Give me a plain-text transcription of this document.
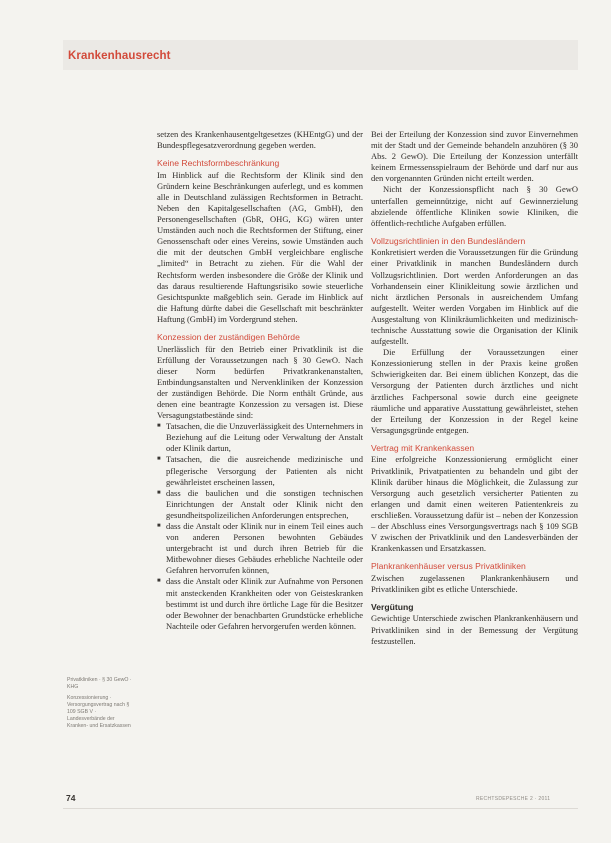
Krankenhausrecht

setzen des Krankenhausentgeltgesetzes (KHEntgG) und der Bundespflegesatzverordnung gegeben werden.

Keine Rechtsformbeschränkung

Im Hinblick auf die Rechtsform der Klinik sind den Gründern keine Beschränkungen auferlegt, und es kommen alle in Deutschland zulässigen Rechtsformen in Betracht. Neben den Kapitalgesellschaften (AG, GmbH), den Personengesellschaften (GbR, OHG, KG) wären unter Umständen auch noch die Rechtsformen der Stiftung, einer Genossenschaft oder eines Vereins, sowie Umständen auch die mit der deutschen GmbH vergleichbare englische „limited“ in Betracht zu ziehen. Für die Wahl der Rechtsform werden insbesondere die Größe der Klinik und das daraus resultierende Haftungsrisiko sowie steuerliche Gesichtspunkte maßgeblich sein. Gerade im Hinblick auf die Haftung dürfte dabei die Gesellschaft mit beschränkter Haftung (GmbH) im Vordergrund stehen.

Konzession der zuständigen Behörde

Unerlässlich für den Betrieb einer Privatklinik ist die Erfüllung der Voraussetzungen nach § 30 GewO. Nach dieser Norm bedürfen Privatkrankenanstalten, Entbindungsanstalten und Nervenkliniken der Konzession der zuständigen Behörde. Die Norm enthält Gründe, aus denen eine beantragte Konzession zu versagen ist. Diese Versagungstatbestände sind:

■ Tatsachen, die die Unzuverlässigkeit des Unternehmers in Beziehung auf die Leitung oder Verwaltung der Anstalt oder Klinik dartun,
■ Tatsachen, die die ausreichende medizinische und pflegerische Versorgung der Patienten als nicht gewährleistet erscheinen lassen,
■ dass die baulichen und die sonstigen technischen Einrichtungen der Anstalt oder Klinik nicht den gesundheitspolizeilichen Anforderungen entsprechen,
■ dass die Anstalt oder Klinik nur in einem Teil eines auch von anderen Personen bewohnten Gebäudes untergebracht ist und durch ihren Betrieb für die Mitbewohner dieses Gebäudes erhebliche Nachteile oder Gefahren hervorrufen können,
■ dass die Anstalt oder Klinik zur Aufnahme von Personen mit ansteckenden Krankheiten oder von Geisteskranken bestimmt ist und durch ihre örtliche Lage für die Besitzer oder Bewohner der benachbarten Grundstücke erhebliche Nachteile oder Gefahren hervorgerufen werden können.

Bei der Erteilung der Konzession sind zuvor Einvernehmen mit der Stadt und der Gemeinde behandeln anzuhören (§ 30 Abs. 2 GewO). Die Erteilung der Konzession unterfällt keinem Ermessensspielraum der Behörde und darf nur aus den vorgenannten Gründen nicht erteilt werden.

Nicht der Konzessionspflicht nach § 30 GewO unterfallen gemeinnützige, nicht auf Gewinnerzielung abzielende öffentliche Kliniken sowie Kliniken, die öffentlich-rechtliche Aufgaben erfüllen.

Vollzugsrichtlinien in den Bundesländern

Konkretisiert werden die Voraussetzungen für die Gründung einer Privatklinik in manchen Bundesländern durch Vollzugsrichtlinien. Dort werden Anforderungen an das Vorhandensein einer Klinikleitung sowie ärztlichen und nicht ärztlichen Personals in ausreichendem Umfang aufgestellt. Weiter werden Vorgaben im Hinblick auf die Ausgestaltung von Klinikräumlichkeiten und medizinisch-technische Ausstattung sowie die Organisation der Klinik aufgestellt.

Die Erfüllung der Voraussetzungen einer Konzessionierung stellen in der Praxis keine großen Schwierigkeiten dar. Bei einem üblichen Konzept, das die Versorgung der Patienten durch ärztliches und nicht ärztliches Fachpersonal sowie durch eine geeignete räumliche und apparative Ausstattung gewährleistet, stehen der Erteilung der Konzession in der Regel keine Versagungsgründe entgegen.

Vertrag mit Krankenkassen

Eine erfolgreiche Konzessionierung ermöglicht einer Privatklinik, Privatpatienten zu behandeln und gibt der Klinik darüber hinaus die Möglichkeit, die Zulassung zur Versorgung auch gesetzlich versicherter Patienten zu erlangen und damit einen weiteren Patientenkreis zu erschließen. Voraussetzung dafür ist – neben der Konzession – der Abschluss eines Versorgungsvertrags nach § 109 SGB V zwischen der Privatklinik und den Landesverbänden der Krankenkassen und Ersatzkassen.

Plankrankenhäuser versus Privatkliniken

Zwischen zugelassenen Plankrankenhäusern und Privatkliniken gibt es etliche Unterschiede.

Vergütung

Gewichtige Unterschiede zwischen Plankrankenhäusern und Privatkliniken sind in der Bemessung der Vergütung festzustellen.

Privatkliniken · § 30 GewO · KHG

Konzessionierung · Versorgungsvertrag nach § 109 SGB V · Landesverbände der Kranken- und Ersatzkassen

74	RECHTSDEPESCHE 2 · 2011
